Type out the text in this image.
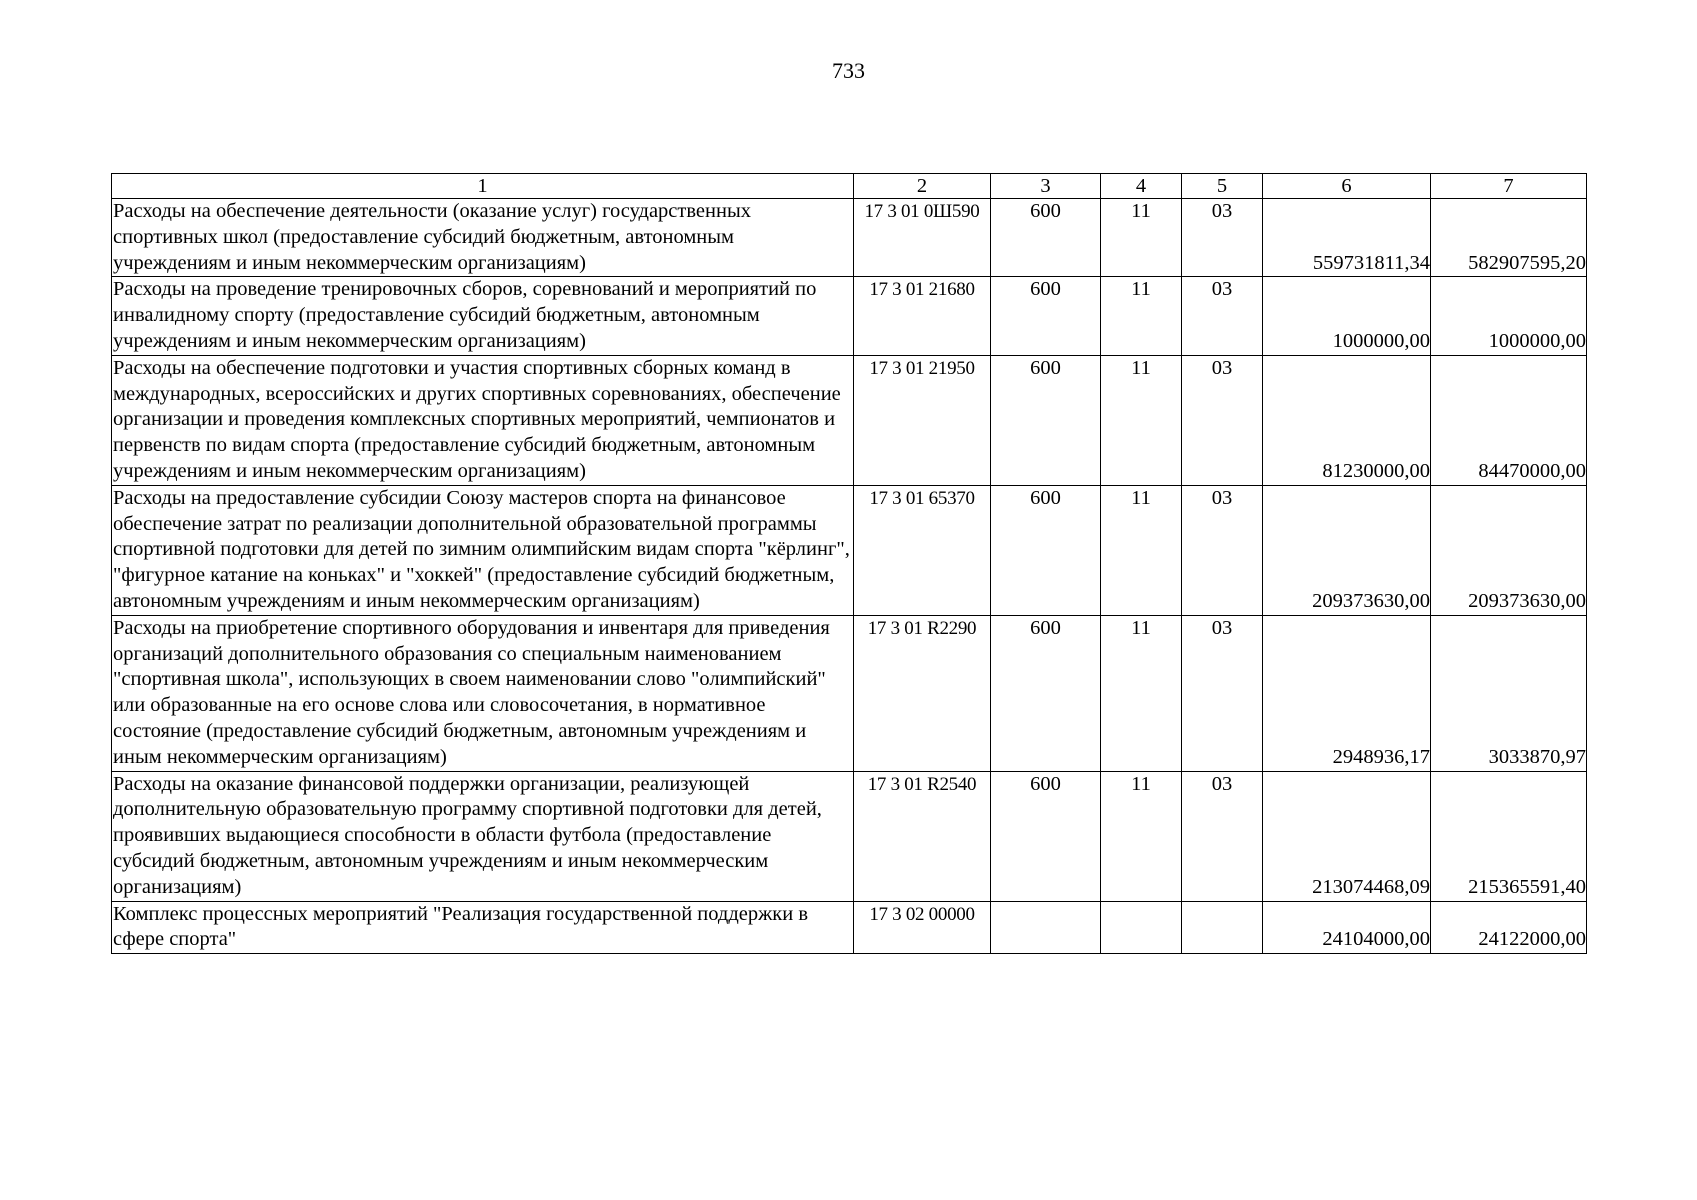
733
1	2	3	4	5	6	7
Расходы на обеспечение деятельности (оказание услуг) государственных спортивных школ (предоставление субсидий бюджетным, автономным учреждениям и иным некоммерческим организациям)	17 3 01 0Ш590	600	11	03	559731811,34	582907595,20
Расходы на проведение тренировочных сборов, соревнований и мероприятий по инвалидному спорту (предоставление субсидий бюджетным, автономным учреждениям и иным некоммерческим организациям)	17 3 01 21680	600	11	03	1000000,00	1000000,00
Расходы на обеспечение подготовки и участия спортивных сборных команд в международных, всероссийских и других спортивных соревнованиях, обеспечение организации и проведения комплексных спортивных мероприятий, чемпионатов и первенств по видам спорта (предоставление субсидий бюджетным, автономным учреждениям и иным некоммерческим организациям)	17 3 01 21950	600	11	03	81230000,00	84470000,00
Расходы на предоставление субсидии Союзу мастеров спорта на финансовое обеспечение затрат по реализации дополнительной образовательной программы спортивной подготовки для детей по зимним олимпийским видам спорта "кёрлинг", "фигурное катание на коньках" и "хоккей" (предоставление субсидий бюджетным, автономным учреждениям и иным некоммерческим организациям)	17 3 01 65370	600	11	03	209373630,00	209373630,00
Расходы на приобретение спортивного оборудования и инвентаря для приведения организаций дополнительного образования со специальным наименованием "спортивная школа", использующих в своем наименовании слово "олимпийский" или образованные на его основе слова или словосочетания, в нормативное состояние (предоставление субсидий бюджетным, автономным учреждениям и иным некоммерческим организациям)	17 3 01 R2290	600	11	03	2948936,17	3033870,97
Расходы на оказание финансовой поддержки организации, реализующей дополнительную образовательную программу спортивной подготовки для детей, проявивших выдающиеся способности в области футбола (предоставление субсидий бюджетным, автономным учреждениям и иным некоммерческим организациям)	17 3 01 R2540	600	11	03	213074468,09	215365591,40
Комплекс процессных мероприятий "Реализация государственной поддержки в сфере спорта"	17 3 02 00000				24104000,00	24122000,00
